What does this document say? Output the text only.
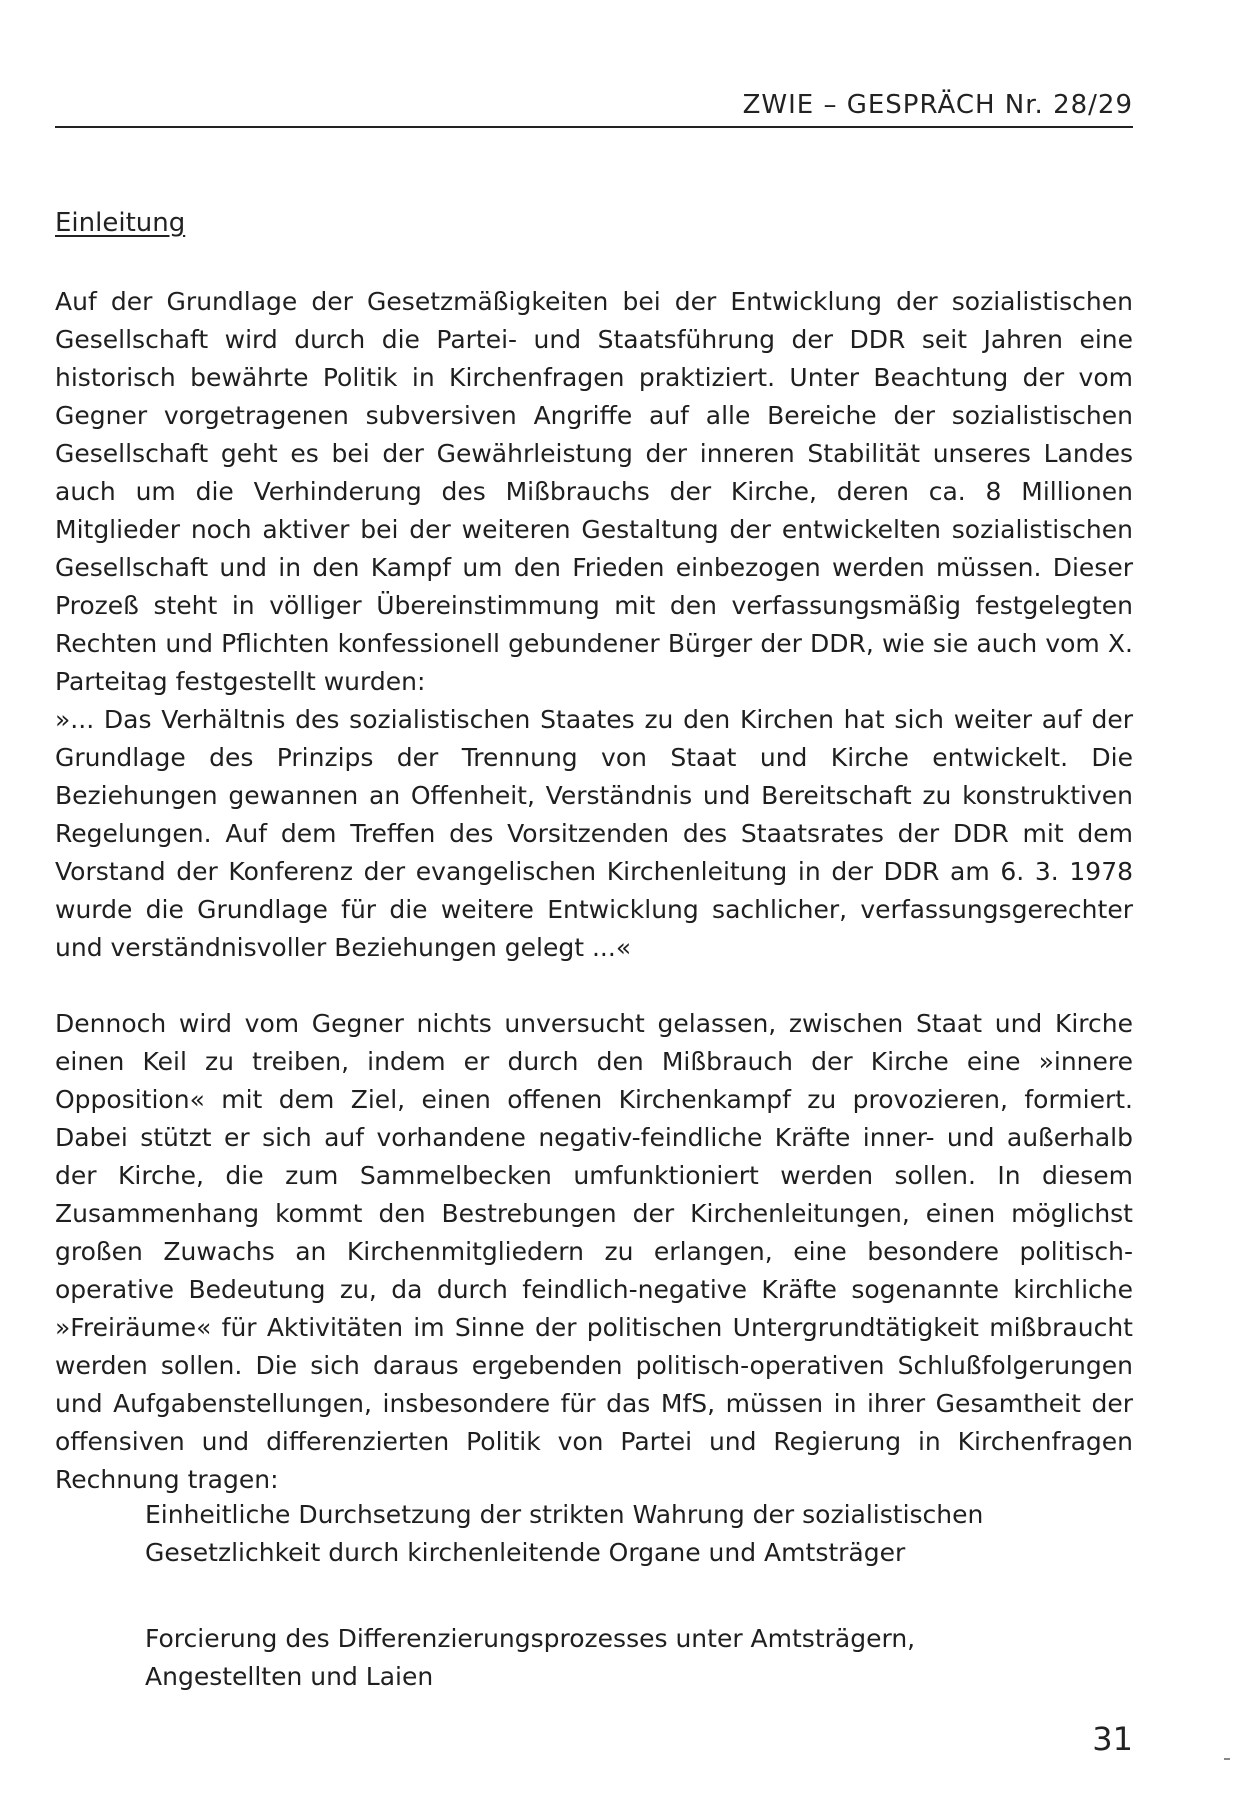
ZWIE – GESPRÄCH Nr. 28/29
Einleitung
Auf der Grundlage der Gesetzmäßigkeiten bei der Entwicklung der sozialistischen Gesellschaft wird durch die Partei- und Staatsführung der DDR seit Jahren eine historisch bewährte Politik in Kirchenfragen praktiziert. Unter Beachtung der vom Gegner vorgetragenen subversiven Angriffe auf alle Bereiche der sozialistischen Gesellschaft geht es bei der Gewährleistung der inneren Stabilität unseres Landes auch um die Verhinderung des Mißbrauchs der Kirche, deren ca. 8 Millionen Mitglieder noch aktiver bei der weiteren Gestaltung der entwickelten sozialistischen Gesellschaft und in den Kampf um den Frieden einbezogen werden müssen. Dieser Prozeß steht in völliger Übereinstimmung mit den verfassungsmäßig festgelegten Rechten und Pflichten konfessionell gebundener Bürger der DDR, wie sie auch vom X. Parteitag festgestellt wurden:
»... Das Verhältnis des sozialistischen Staates zu den Kirchen hat sich weiter auf der Grundlage des Prinzips der Trennung von Staat und Kirche entwickelt. Die Beziehungen gewannen an Offenheit, Verständnis und Bereitschaft zu konstruktiven Regelungen. Auf dem Treffen des Vorsitzenden des Staatsrates der DDR mit dem Vorstand der Konferenz der evangelischen Kirchenleitung in der DDR am 6. 3. 1978 wurde die Grundlage für die weitere Entwicklung sachlicher, verfassungsgerechter und verständnisvoller Beziehungen gelegt ...«
Dennoch wird vom Gegner nichts unversucht gelassen, zwischen Staat und Kirche einen Keil zu treiben, indem er durch den Mißbrauch der Kirche eine »innere Opposition« mit dem Ziel, einen offenen Kirchenkampf zu provozieren, formiert. Dabei stützt er sich auf vorhandene negativ-feindliche Kräfte inner- und außerhalb der Kirche, die zum Sammelbecken umfunktioniert werden sollen. In diesem Zusammenhang kommt den Bestrebungen der Kirchenleitungen, einen möglichst großen Zuwachs an Kirchenmitgliedern zu erlangen, eine besondere politisch-operative Bedeutung zu, da durch feindlich-negative Kräfte sogenannte kirchliche »Freiräume« für Aktivitäten im Sinne der politischen Untergrundtätigkeit mißbraucht werden sollen. Die sich daraus ergebenden politisch-operativen Schlußfolgerungen und Aufgabenstellungen, insbesondere für das MfS, müssen in ihrer Gesamtheit der offensiven und differenzierten Politik von Partei und Regierung in Kirchenfragen Rechnung tragen:
Einheitliche Durchsetzung der strikten Wahrung der sozialistischen Gesetzlichkeit durch kirchenleitende Organe und Amtsträger
Forcierung des Differenzierungsprozesses unter Amtsträgern, Angestellten und Laien
31
